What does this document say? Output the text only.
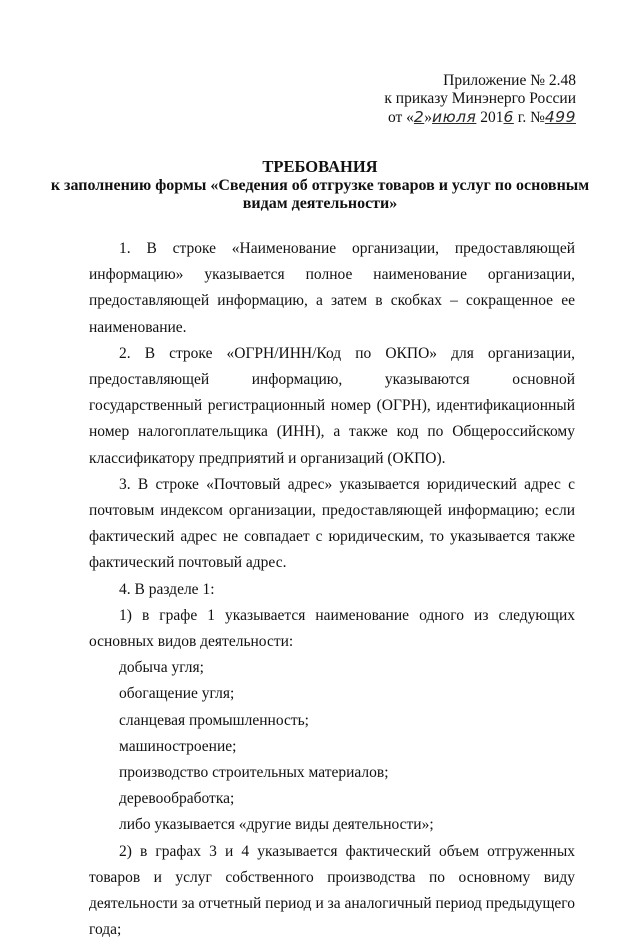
Приложение № 2.48
к приказу Минэнерго России
от «2»июля 2016 г. №499
ТРЕБОВАНИЯ
к заполнению формы «Сведения об отгрузке товаров и услуг по основным
видам деятельности»

1. В строке «Наименование организации, предоставляющей информацию» указывается полное наименование организации, предоставляющей информацию, а затем в скобках – сокращенное ее наименование.

2. В строке «ОГРН/ИНН/Код по ОКПО» для организации, предоставляющей информацию, указываются основной государственный регистрационный номер (ОГРН), идентификационный номер налогоплательщика (ИНН), а также код по Общероссийскому классификатору предприятий и организаций (ОКПО).

3. В строке «Почтовый адрес» указывается юридический адрес с почтовым индексом организации, предоставляющей информацию; если фактический адрес не совпадает с юридическим, то указывается также фактический почтовый адрес.

4. В разделе 1:

1) в графе 1 указывается наименование одного из следующих основных видов деятельности:

добыча угля;

обогащение угля;

сланцевая промышленность;

машиностроение;

производство строительных материалов;

деревообработка;

либо указывается «другие виды деятельности»;

2) в графах 3 и 4 указывается фактический объем отгруженных товаров и услуг собственного производства по основному виду деятельности за отчетный период и за аналогичный период предыдущего года;
